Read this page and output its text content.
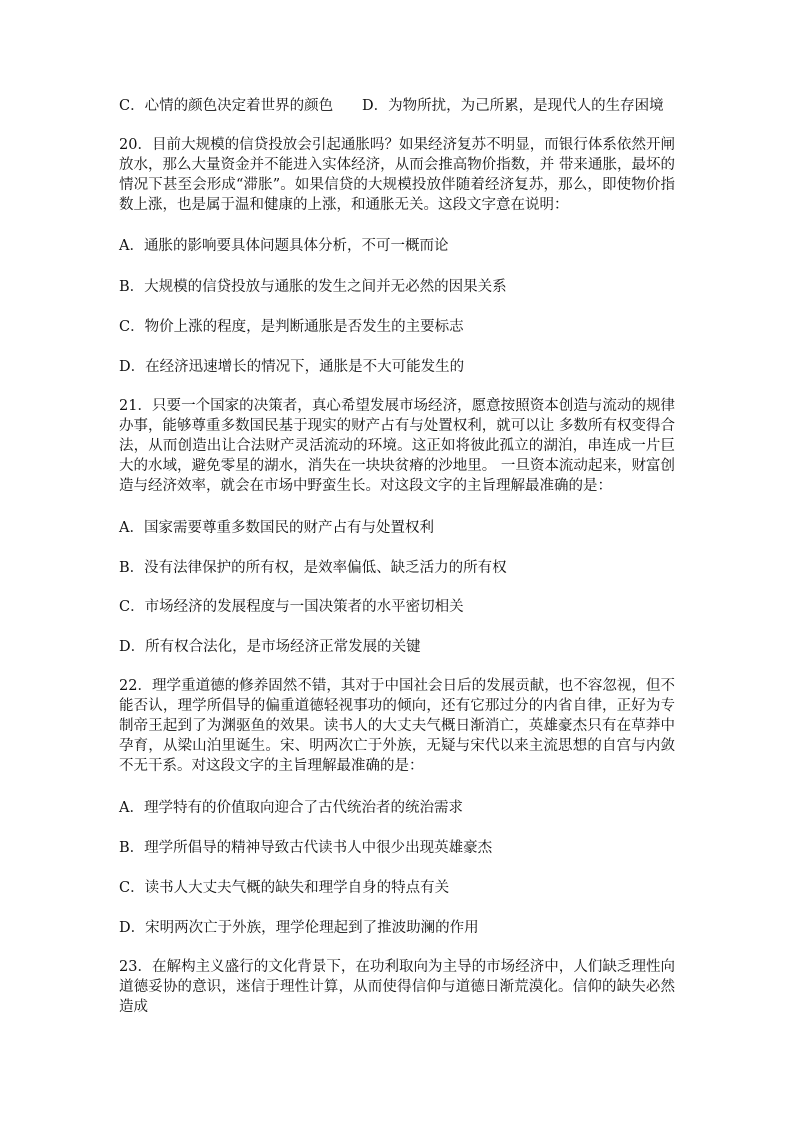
C．心情的颜色决定着世界的颜色 D．为物所扰，为己所累，是现代人的生存困境
20．目前大规模的信贷投放会引起通胀吗？如果经济复苏不明显，而银行体系依然开闸放水，那么大量资金并不能进入实体经济，从而会推高物价指数，并 带来通胀，最坏的情况下甚至会形成“滞胀”。如果信贷的大规模投放伴随着经济复苏，那么，即使物价指数上涨，也是属于温和健康的上涨，和通胀无关。这段文字意在说明：
A．通胀的影响要具体问题具体分析，不可一概而论
B．大规模的信贷投放与通胀的发生之间并无必然的因果关系
C．物价上涨的程度，是判断通胀是否发生的主要标志
D．在经济迅速增长的情况下，通胀是不大可能发生的
21．只要一个国家的决策者，真心希望发展市场经济，愿意按照资本创造与流动的规律办事，能够尊重多数国民基于现实的财产占有与处置权利，就可以让 多数所有权变得合法，从而创造出让合法财产灵活流动的环境。这正如将彼此孤立的湖泊，串连成一片巨大的水域，避免零星的湖水，消失在一块块贫瘠的沙地里。 一旦资本流动起来，财富创造与经济效率，就会在市场中野蛮生长。对这段文字的主旨理解最准确的是：
A．国家需要尊重多数国民的财产占有与处置权利
B．没有法律保护的所有权，是效率偏低、缺乏活力的所有权
C．市场经济的发展程度与一国决策者的水平密切相关
D．所有权合法化，是市场经济正常发展的关键
22．理学重道德的修养固然不错，其对于中国社会日后的发展贡献，也不容忽视，但不能否认，理学所倡导的偏重道德轻视事功的倾向，还有它那过分的内省自律，正好为专制帝王起到了为渊驱鱼的效果。读书人的大丈夫气概日渐消亡，英雄豪杰只有在草莽中孕育，从梁山泊里诞生。宋、明两次亡于外族，无疑与宋代以来主流思想的自宫与内敛不无干系。对这段文字的主旨理解最准确的是：
A．理学特有的价值取向迎合了古代统治者的统治需求
B．理学所倡导的精神导致古代读书人中很少出现英雄豪杰
C．读书人大丈夫气概的缺失和理学自身的特点有关
D．宋明两次亡于外族，理学伦理起到了推波助澜的作用
23．在解构主义盛行的文化背景下，在功利取向为主导的市场经济中，人们缺乏理性向道德妥协的意识，迷信于理性计算，从而使得信仰与道德日渐荒漠化。信仰的缺失必然造成
